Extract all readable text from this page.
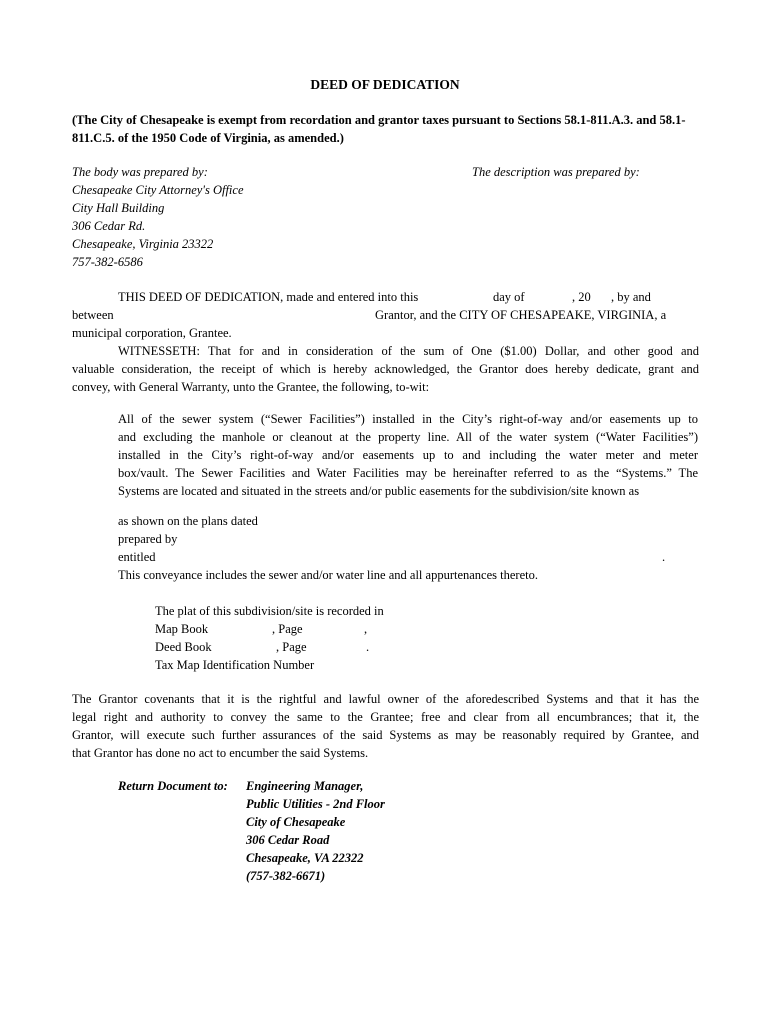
DEED OF DEDICATION
(The City of Chesapeake is exempt from recordation and grantor taxes pursuant to Sections 58.1-811.A.3. and 58.1-811.C.5. of the 1950 Code of Virginia, as amended.)
The body was prepared by:
Chesapeake City Attorney's Office
City Hall Building
306 Cedar Rd.
Chesapeake, Virginia 23322
757-382-6586
The description was prepared by:
THIS DEED OF DEDICATION, made and entered into this	day of	, 20 , by and
between	Grantor, and the CITY OF CHESAPEAKE, VIRGINIA, a
municipal corporation, Grantee.
WITNESSETH: That for and in consideration of the sum of One ($1.00) Dollar, and other good and
valuable consideration, the receipt of which is hereby acknowledged, the Grantor does hereby dedicate, grant and
convey, with General Warranty, unto the Grantee, the following, to-wit:
All of the sewer system (“Sewer Facilities”) installed in the City’s right-of-way and/or easements up to
and excluding the manhole or cleanout at the property line. All of the water system (“Water Facilities”)
installed in the City’s right-of-way and/or easements up to and including the water meter and meter
box/vault. The Sewer Facilities and Water Facilities may be hereinafter referred to as the “Systems.” The
Systems are located and situated in the streets and/or public easements for the subdivision/site known as
as shown on the plans dated
prepared by
entitled	.
This conveyance includes the sewer and/or water line and all appurtenances thereto.
The plat of this subdivision/site is recorded in
Map Book	, Page	,
Deed Book	, Page	.
Tax Map Identification Number
The Grantor covenants that it is the rightful and lawful owner of the aforedescribed Systems and that it has the
legal right and authority to convey the same to the Grantee; free and clear from all encumbrances; that it, the
Grantor, will execute such further assurances of the said Systems as may be reasonably required by Grantee, and
that Grantor has done no act to encumber the said Systems.
Return Document to: Engineering Manager,
Public Utilities - 2nd Floor
City of Chesapeake
306 Cedar Road
Chesapeake, VA 22322
(757-382-6671)
